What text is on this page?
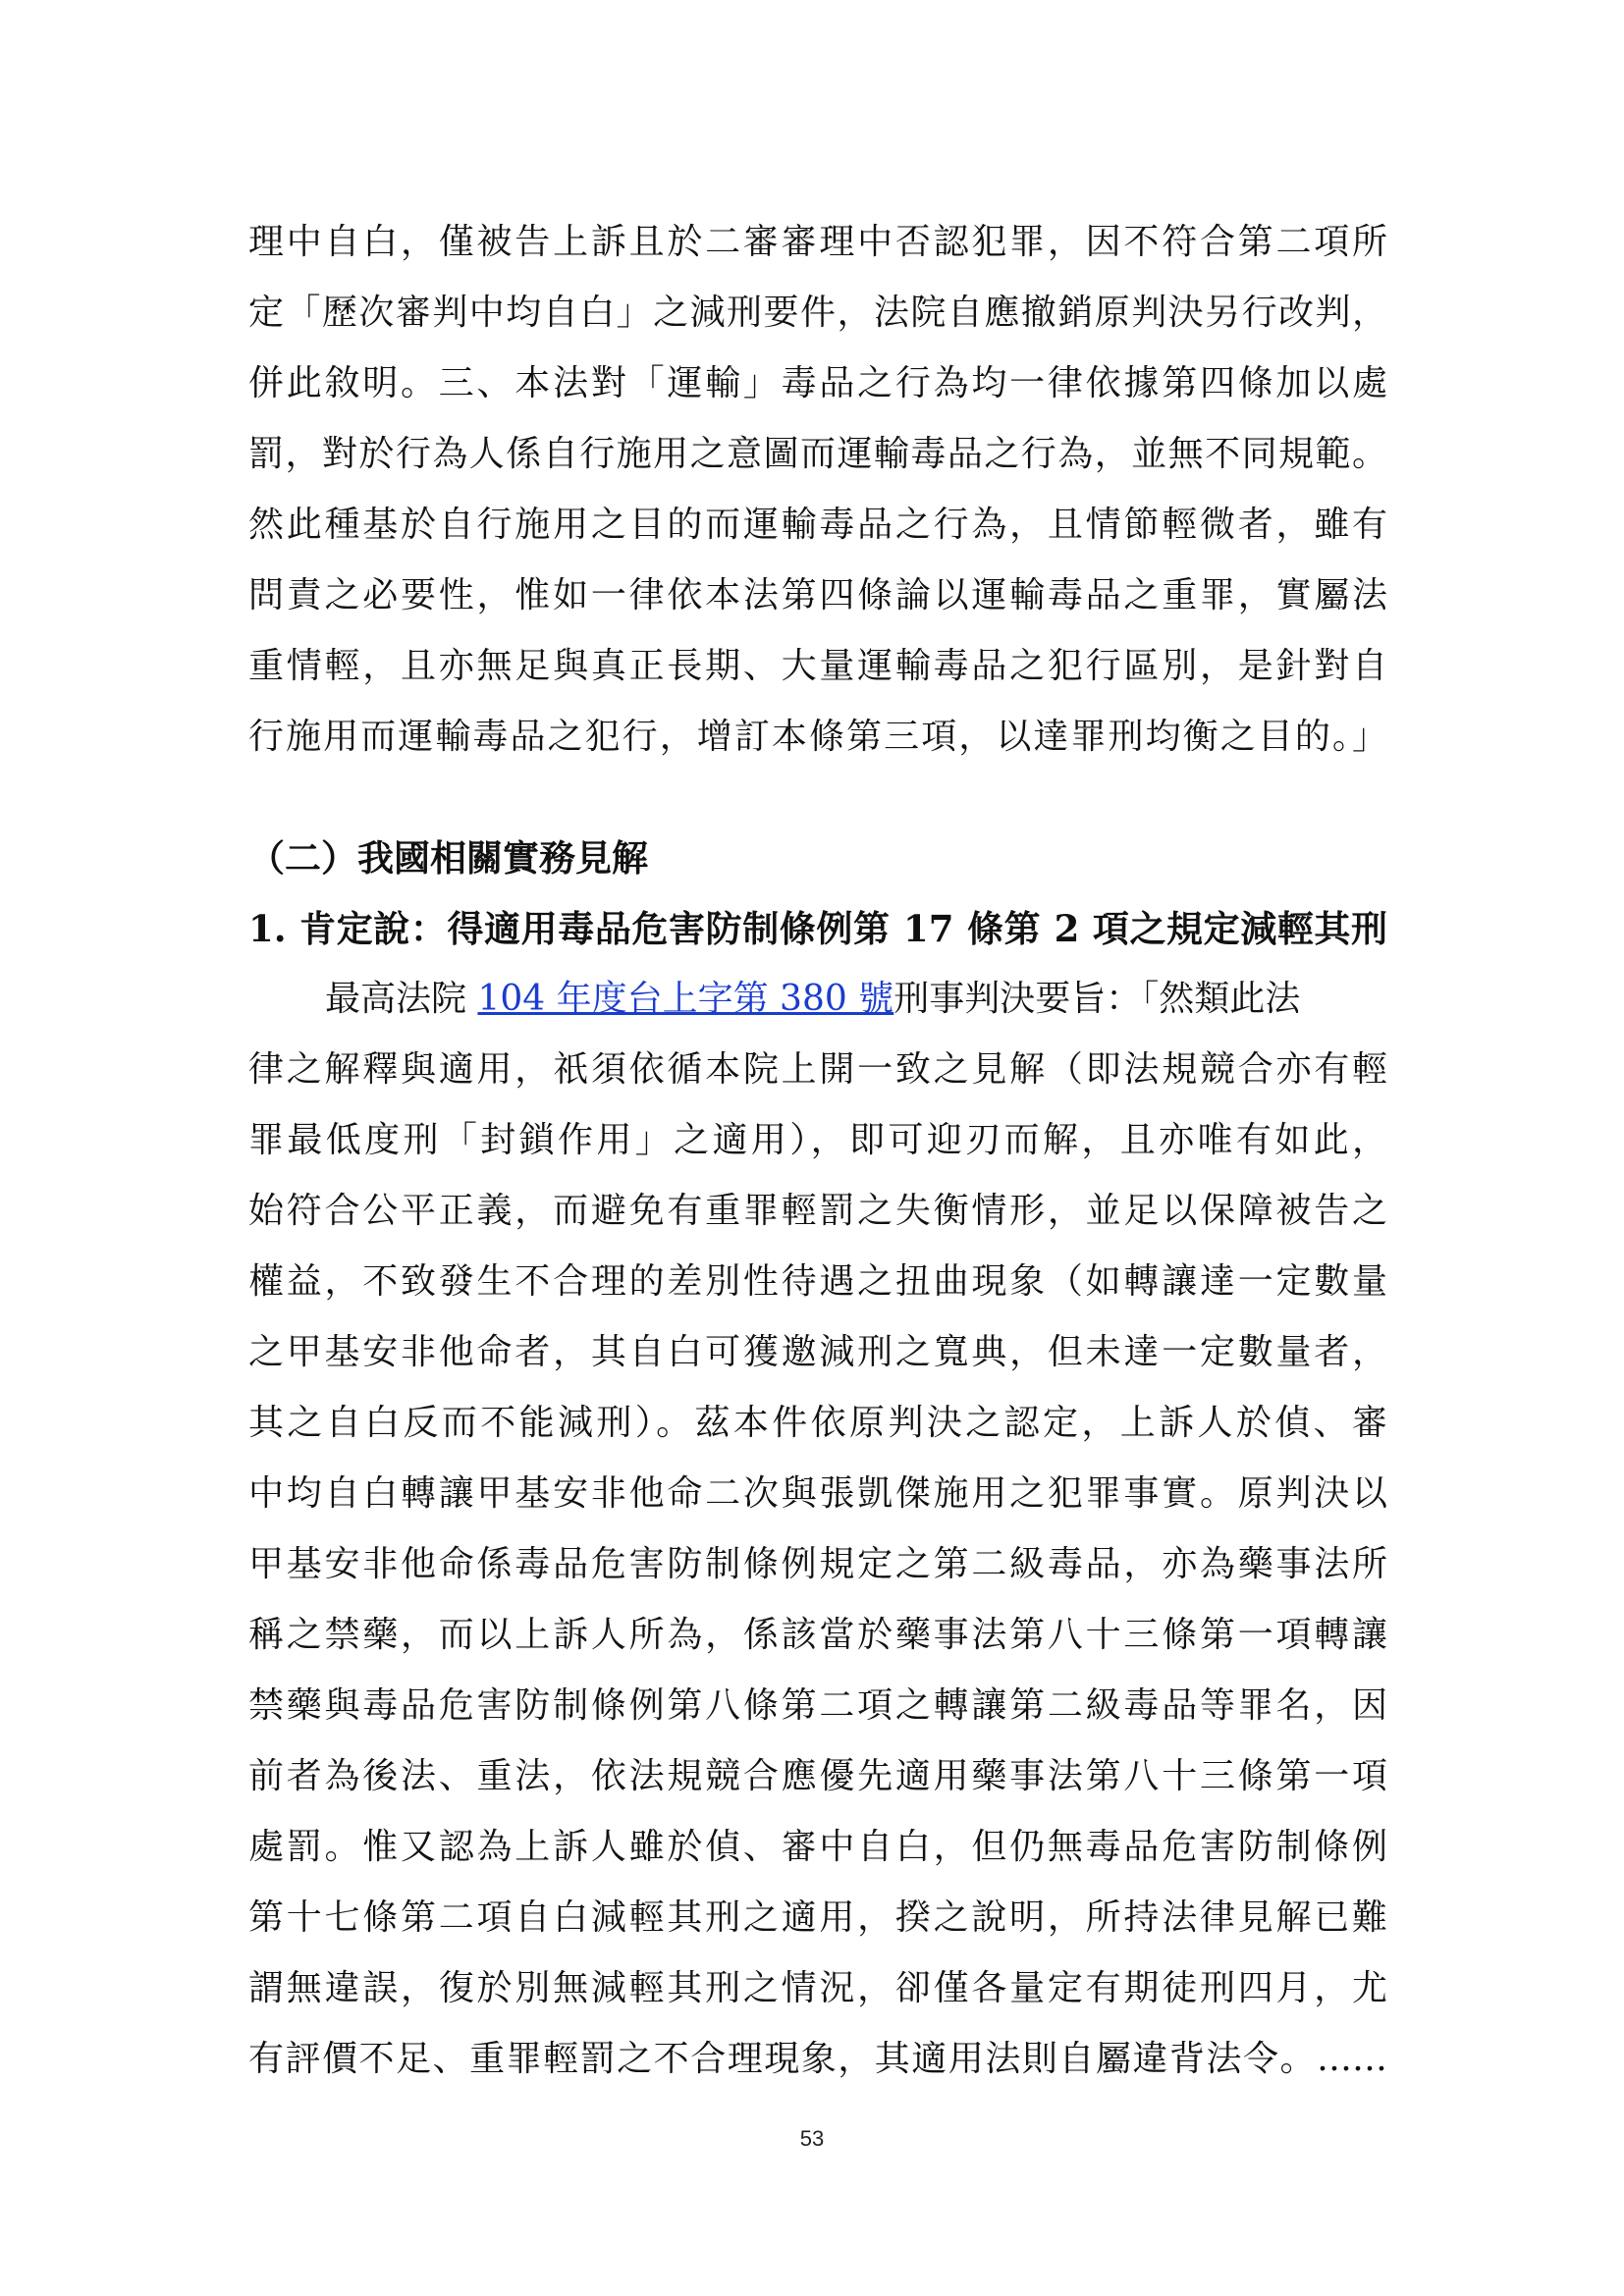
理中自白，僅被告上訴且於二審審理中否認犯罪，因不符合第二項所
定「歷次審判中均自白」之減刑要件，法院自應撤銷原判決另行改判，
併此敘明。三、本法對「運輸」毒品之行為均一律依據第四條加以處
罰，對於行為人係自行施用之意圖而運輸毒品之行為，並無不同規範。
然此種基於自行施用之目的而運輸毒品之行為，且情節輕微者，雖有
問責之必要性，惟如一律依本法第四條論以運輸毒品之重罪，實屬法
重情輕，且亦無足與真正長期、大量運輸毒品之犯行區別，是針對自
行施用而運輸毒品之犯行，增訂本條第三項，以達罪刑均衡之目的。」
（二）我國相關實務見解
1. 肯定說：得適用毒品危害防制條例第 17 條第 2 項之規定減輕其刑
最高法院 104 年度台上字第 380 號刑事判決要旨：「然類此法
律之解釋與適用，祇須依循本院上開一致之見解（即法規競合亦有輕
罪最低度刑「封鎖作用」之適用），即可迎刃而解，且亦唯有如此，
始符合公平正義，而避免有重罪輕罰之失衡情形，並足以保障被告之
權益，不致發生不合理的差別性待遇之扭曲現象（如轉讓達一定數量
之甲基安非他命者，其自白可獲邀減刑之寬典，但未達一定數量者，
其之自白反而不能減刑）。茲本件依原判決之認定，上訴人於偵、審
中均自白轉讓甲基安非他命二次與張凱傑施用之犯罪事實。原判決以
甲基安非他命係毒品危害防制條例規定之第二級毒品，亦為藥事法所
稱之禁藥，而以上訴人所為，係該當於藥事法第八十三條第一項轉讓
禁藥與毒品危害防制條例第八條第二項之轉讓第二級毒品等罪名，因
前者為後法、重法，依法規競合應優先適用藥事法第八十三條第一項
處罰。惟又認為上訴人雖於偵、審中自白，但仍無毒品危害防制條例
第十七條第二項自白減輕其刑之適用，揆之說明，所持法律見解已難
謂無違誤，復於別無減輕其刑之情況，卻僅各量定有期徒刑四月，尤
有評價不足、重罪輕罰之不合理現象，其適用法則自屬違背法令。……
53
